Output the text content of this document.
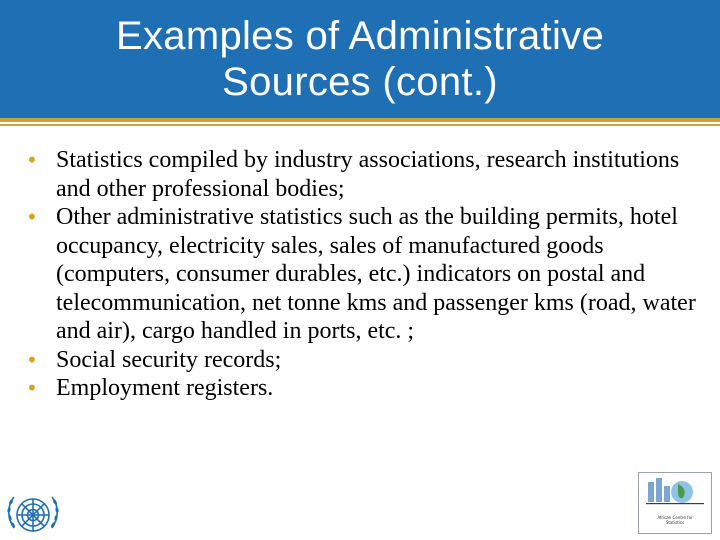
Examples of Administrative
Sources (cont.)
• Statistics compiled by industry associations, research institutions and other professional bodies;
• Other administrative statistics such as the building permits, hotel occupancy, electricity sales, sales of manufactured goods (computers, consumer durables, etc.) indicators on postal and telecommunication, net tonne kms and passenger kms (road, water and air), cargo handled in ports, etc. ;
• Social security records;
• Employment registers.
African Centre for Statistics
